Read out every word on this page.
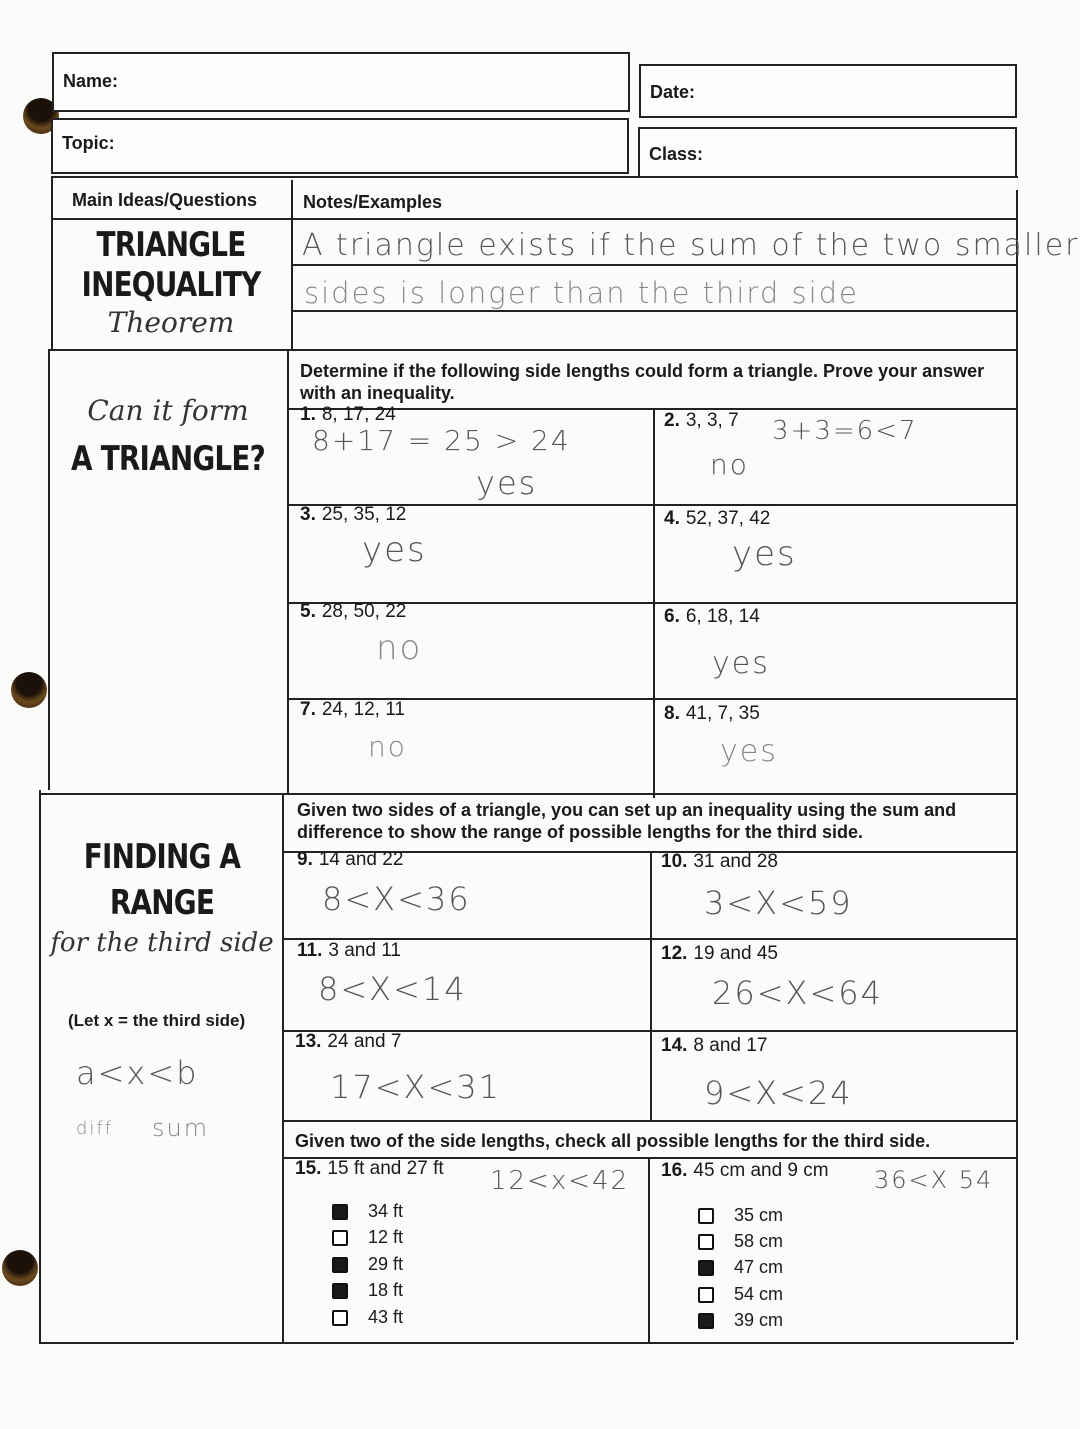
Name:
Topic:
Date:
Class:
Main Ideas/Questions	Notes/Examples
TRIANGLE
INEQUALITY
Theorem
A triangle exists if the sum of the two smaller
sides is longer than the third side
Can it form
A TRIANGLE?
Determine if the following side lengths could form a triangle. Prove your answer with an inequality.
1. 8, 17, 24
8+17 = 25 > 24
yes
2. 3, 3, 7 3+3=6<7
no
3. 25, 35, 12
yes
4. 52, 37, 42
yes
5. 28, 50, 22
no
6. 6, 18, 14
yes
7. 24, 12, 11
no
8. 41, 7, 35
yes
FINDING A
RANGE
for the third side
(Let x = the third side)
a<x<b
diff sum
Given two sides of a triangle, you can set up an inequality using the sum and difference to show the range of possible lengths for the third side.
9. 14 and 22
8<X<36
10. 31 and 28
3<X<59
11. 3 and 11
8<X<14
12. 19 and 45
26<X<64
13. 24 and 7
17<X<31
14. 8 and 17
9<X<24
Given two of the side lengths, check all possible lengths for the third side.
15. 15 ft and 27 ft 12<x<42
34 ft
12 ft
29 ft
18 ft
43 ft
16. 45 cm and 9 cm 36<X 54
35 cm
58 cm
47 cm
54 cm
39 cm
